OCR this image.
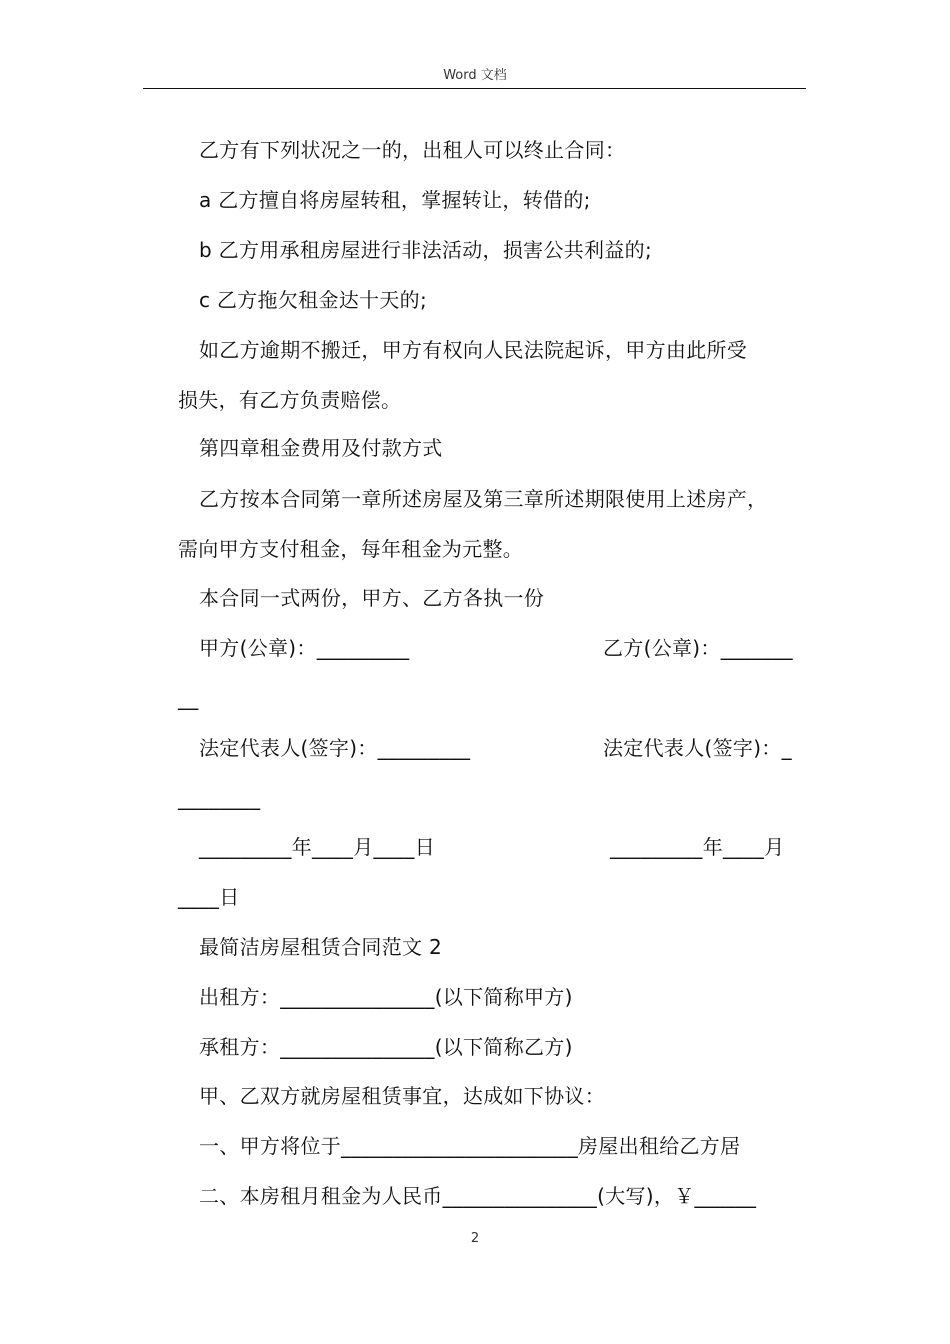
Word 文档
乙方有下列状况之一的，出租人可以终止合同：
a 乙方擅自将房屋转租，掌握转让，转借的;
b 乙方用承租房屋进行非法活动，损害公共利益的;
c 乙方拖欠租金达十天的;
如乙方逾期不搬迁，甲方有权向人民法院起诉，甲方由此所受
损失，有乙方负责赔偿。
第四章租金费用及付款方式
乙方按本合同第一章所述房屋及第三章所述期限使用上述房产，
需向甲方支付租金，每年租金为元整。
本合同一式两份，甲方、乙方各执一份
甲方(公章)：_________	乙方(公章)：_______
__
法定代表人(签字)：_________	法定代表人(签字)：_
________
_________年____月____日	_________年____月
____日
最简洁房屋租赁合同范文 2
出租方：_______________(以下简称甲方)
承租方：_______________(以下简称乙方)
甲、乙双方就房屋租赁事宜，达成如下协议：
一、甲方将位于_______________________房屋出租给乙方居
二、本房租月租金为人民币_______________(大写)，￥______
2
